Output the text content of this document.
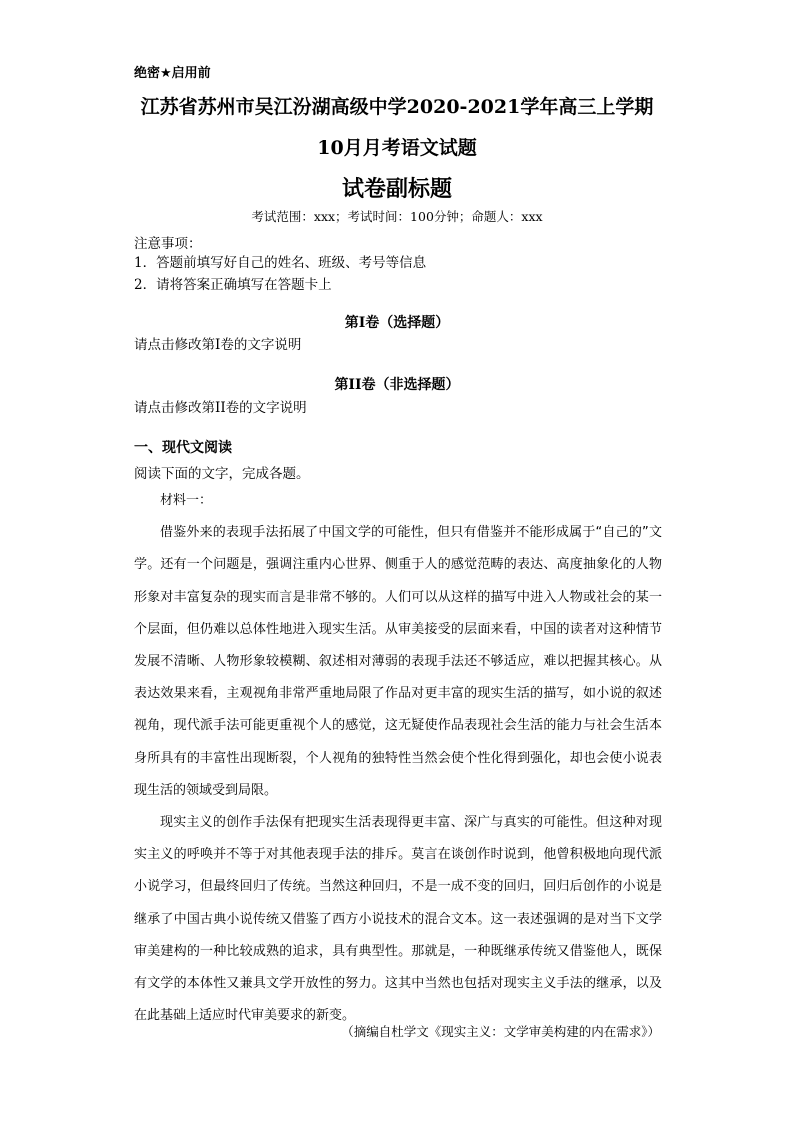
绝密★启用前
江苏省苏州市吴江汾湖高级中学2020-2021学年高三上学期
10月月考语文试题
试卷副标题
考试范围：xxx；考试时间：100分钟；命题人：xxx
注意事项：
1．答题前填写好自己的姓名、班级、考号等信息
2．请将答案正确填写在答题卡上
第I卷（选择题）
请点击修改第I卷的文字说明
第II卷（非选择题）
请点击修改第II卷的文字说明
一、现代文阅读
阅读下面的文字，完成各题。

材料一：

借鉴外来的表现手法拓展了中国文学的可能性，但只有借鉴并不能形成属于“自己的”文学。还有一个问题是，强调注重内心世界、侧重于人的感觉范畴的表达、高度抽象化的人物形象对丰富复杂的现实而言是非常不够的。人们可以从这样的描写中进入人物或社会的某一个层面，但仍难以总体性地进入现实生活。从审美接受的层面来看，中国的读者对这种情节发展不清晰、人物形象较模糊、叙述相对薄弱的表现手法还不够适应，难以把握其核心。从表达效果来看，主观视角非常严重地局限了作品对更丰富的现实生活的描写，如小说的叙述视角，现代派手法可能更重视个人的感觉，这无疑使作品表现社会生活的能力与社会生活本身所具有的丰富性出现断裂，个人视角的独特性当然会使个性化得到强化，却也会使小说表现生活的领域受到局限。

现实主义的创作手法保有把现实生活表现得更丰富、深广与真实的可能性。但这种对现实主义的呼唤并不等于对其他表现手法的排斥。莫言在谈创作时说到，他曾积极地向现代派小说学习，但最终回归了传统。当然这种回归，不是一成不变的回归，回归后创作的小说是继承了中国古典小说传统又借鉴了西方小说技术的混合文本。这一表述强调的是对当下文学审美建构的一种比较成熟的追求，具有典型性。那就是，一种既继承传统又借鉴他人，既保有文学的本体性又兼具文学开放性的努力。这其中当然也包括对现实主义手法的继承，以及在此基础上适应时代审美要求的新变。

（摘编自杜学文《现实主义：文学审美构建的内在需求》）
